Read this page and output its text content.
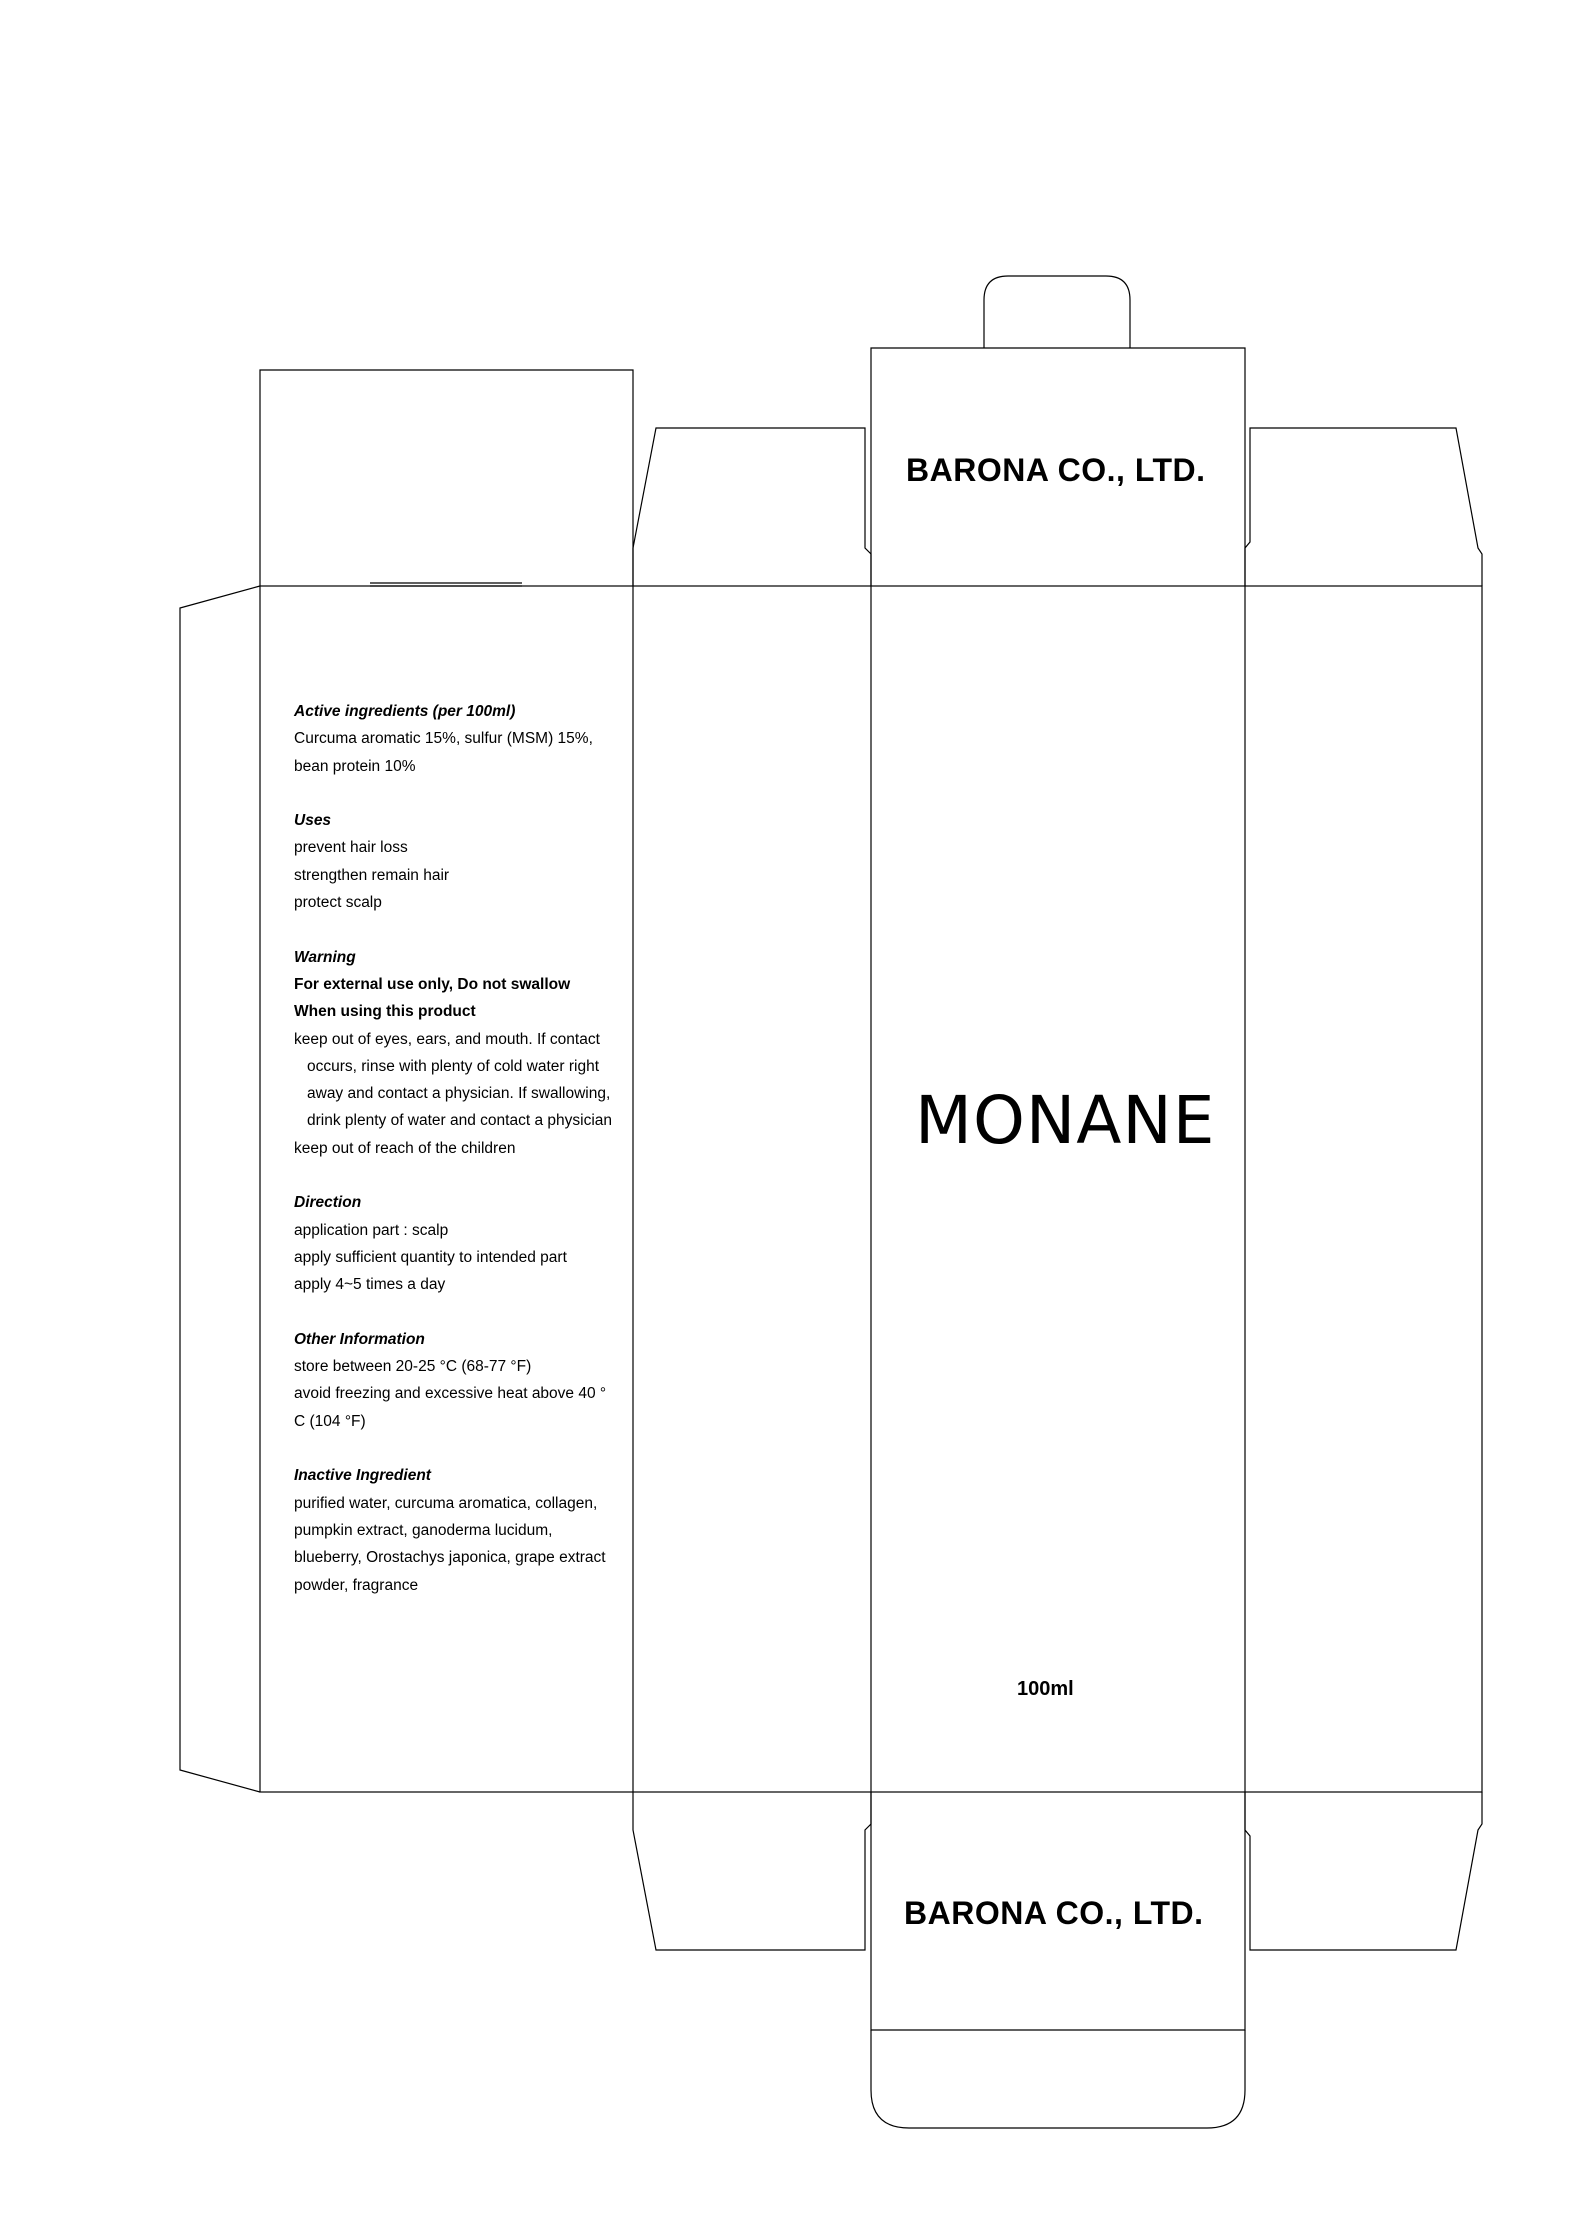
BARONA CO., LTD.
MONANE
100ml
BARONA CO., LTD.
Active ingredients (per 100ml)
Curcuma aromatic 15%, sulfur (MSM) 15%,
bean protein 10%
Uses
prevent hair loss
strengthen remain hair
protect scalp
Warning
For external use only, Do not swallow
When using this product
keep out of eyes, ears, and mouth. If contact
occurs, rinse with plenty of cold water right
away and contact a physician. If swallowing,
drink plenty of water and contact a physician
keep out of reach of the children
Direction
application part : scalp
apply sufficient quantity to intended part
apply 4~5 times a day
Other Information
store between 20-25 °C (68-77 °F)
avoid freezing and excessive heat above 40 °
C (104 °F)
Inactive Ingredient
purified water, curcuma aromatica, collagen,
pumpkin extract, ganoderma lucidum,
blueberry, Orostachys japonica, grape extract
powder, fragrance
